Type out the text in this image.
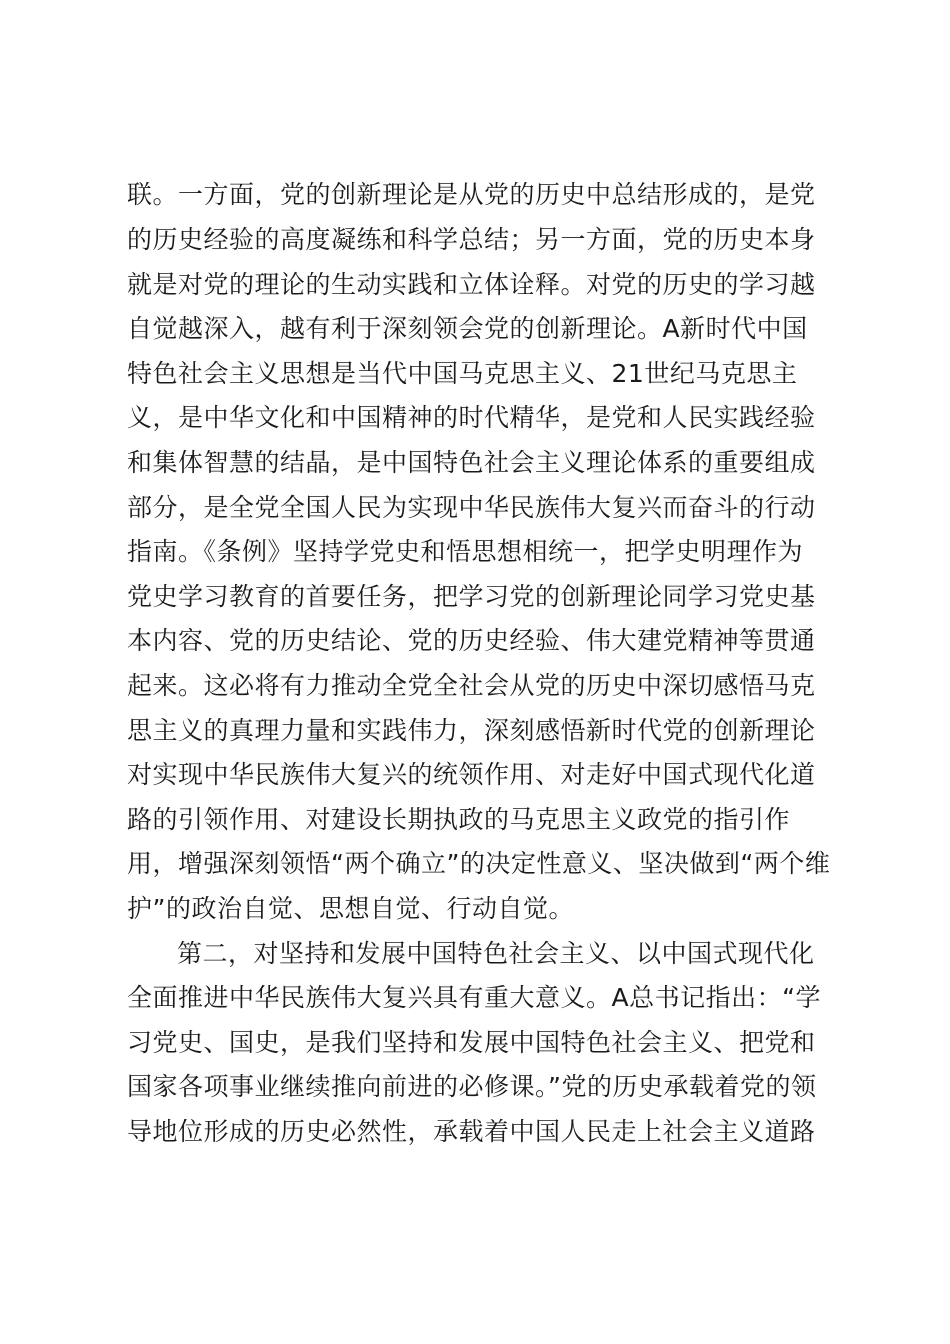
联。一方面，党的创新理论是从党的历史中总结形成的，是党
的历史经验的高度凝练和科学总结；另一方面，党的历史本身
就是对党的理论的生动实践和立体诠释。对党的历史的学习越
自觉越深入，越有利于深刻领会党的创新理论。A新时代中国
特色社会主义思想是当代中国马克思主义、21世纪马克思主
义，是中华文化和中国精神的时代精华，是党和人民实践经验
和集体智慧的结晶，是中国特色社会主义理论体系的重要组成
部分，是全党全国人民为实现中华民族伟大复兴而奋斗的行动
指南。《条例》坚持学党史和悟思想相统一，把学史明理作为
党史学习教育的首要任务，把学习党的创新理论同学习党史基
本内容、党的历史结论、党的历史经验、伟大建党精神等贯通
起来。这必将有力推动全党全社会从党的历史中深切感悟马克
思主义的真理力量和实践伟力，深刻感悟新时代党的创新理论
对实现中华民族伟大复兴的统领作用、对走好中国式现代化道
路的引领作用、对建设长期执政的马克思主义政党的指引作
用，增强深刻领悟“两个确立”的决定性意义、坚决做到“两个维
护”的政治自觉、思想自觉、行动自觉。
第二，对坚持和发展中国特色社会主义、以中国式现代化
全面推进中华民族伟大复兴具有重大意义。A总书记指出：“学
习党史、国史，是我们坚持和发展中国特色社会主义、把党和
国家各项事业继续推向前进的必修课。”党的历史承载着党的领
导地位形成的历史必然性，承载着中国人民走上社会主义道路
